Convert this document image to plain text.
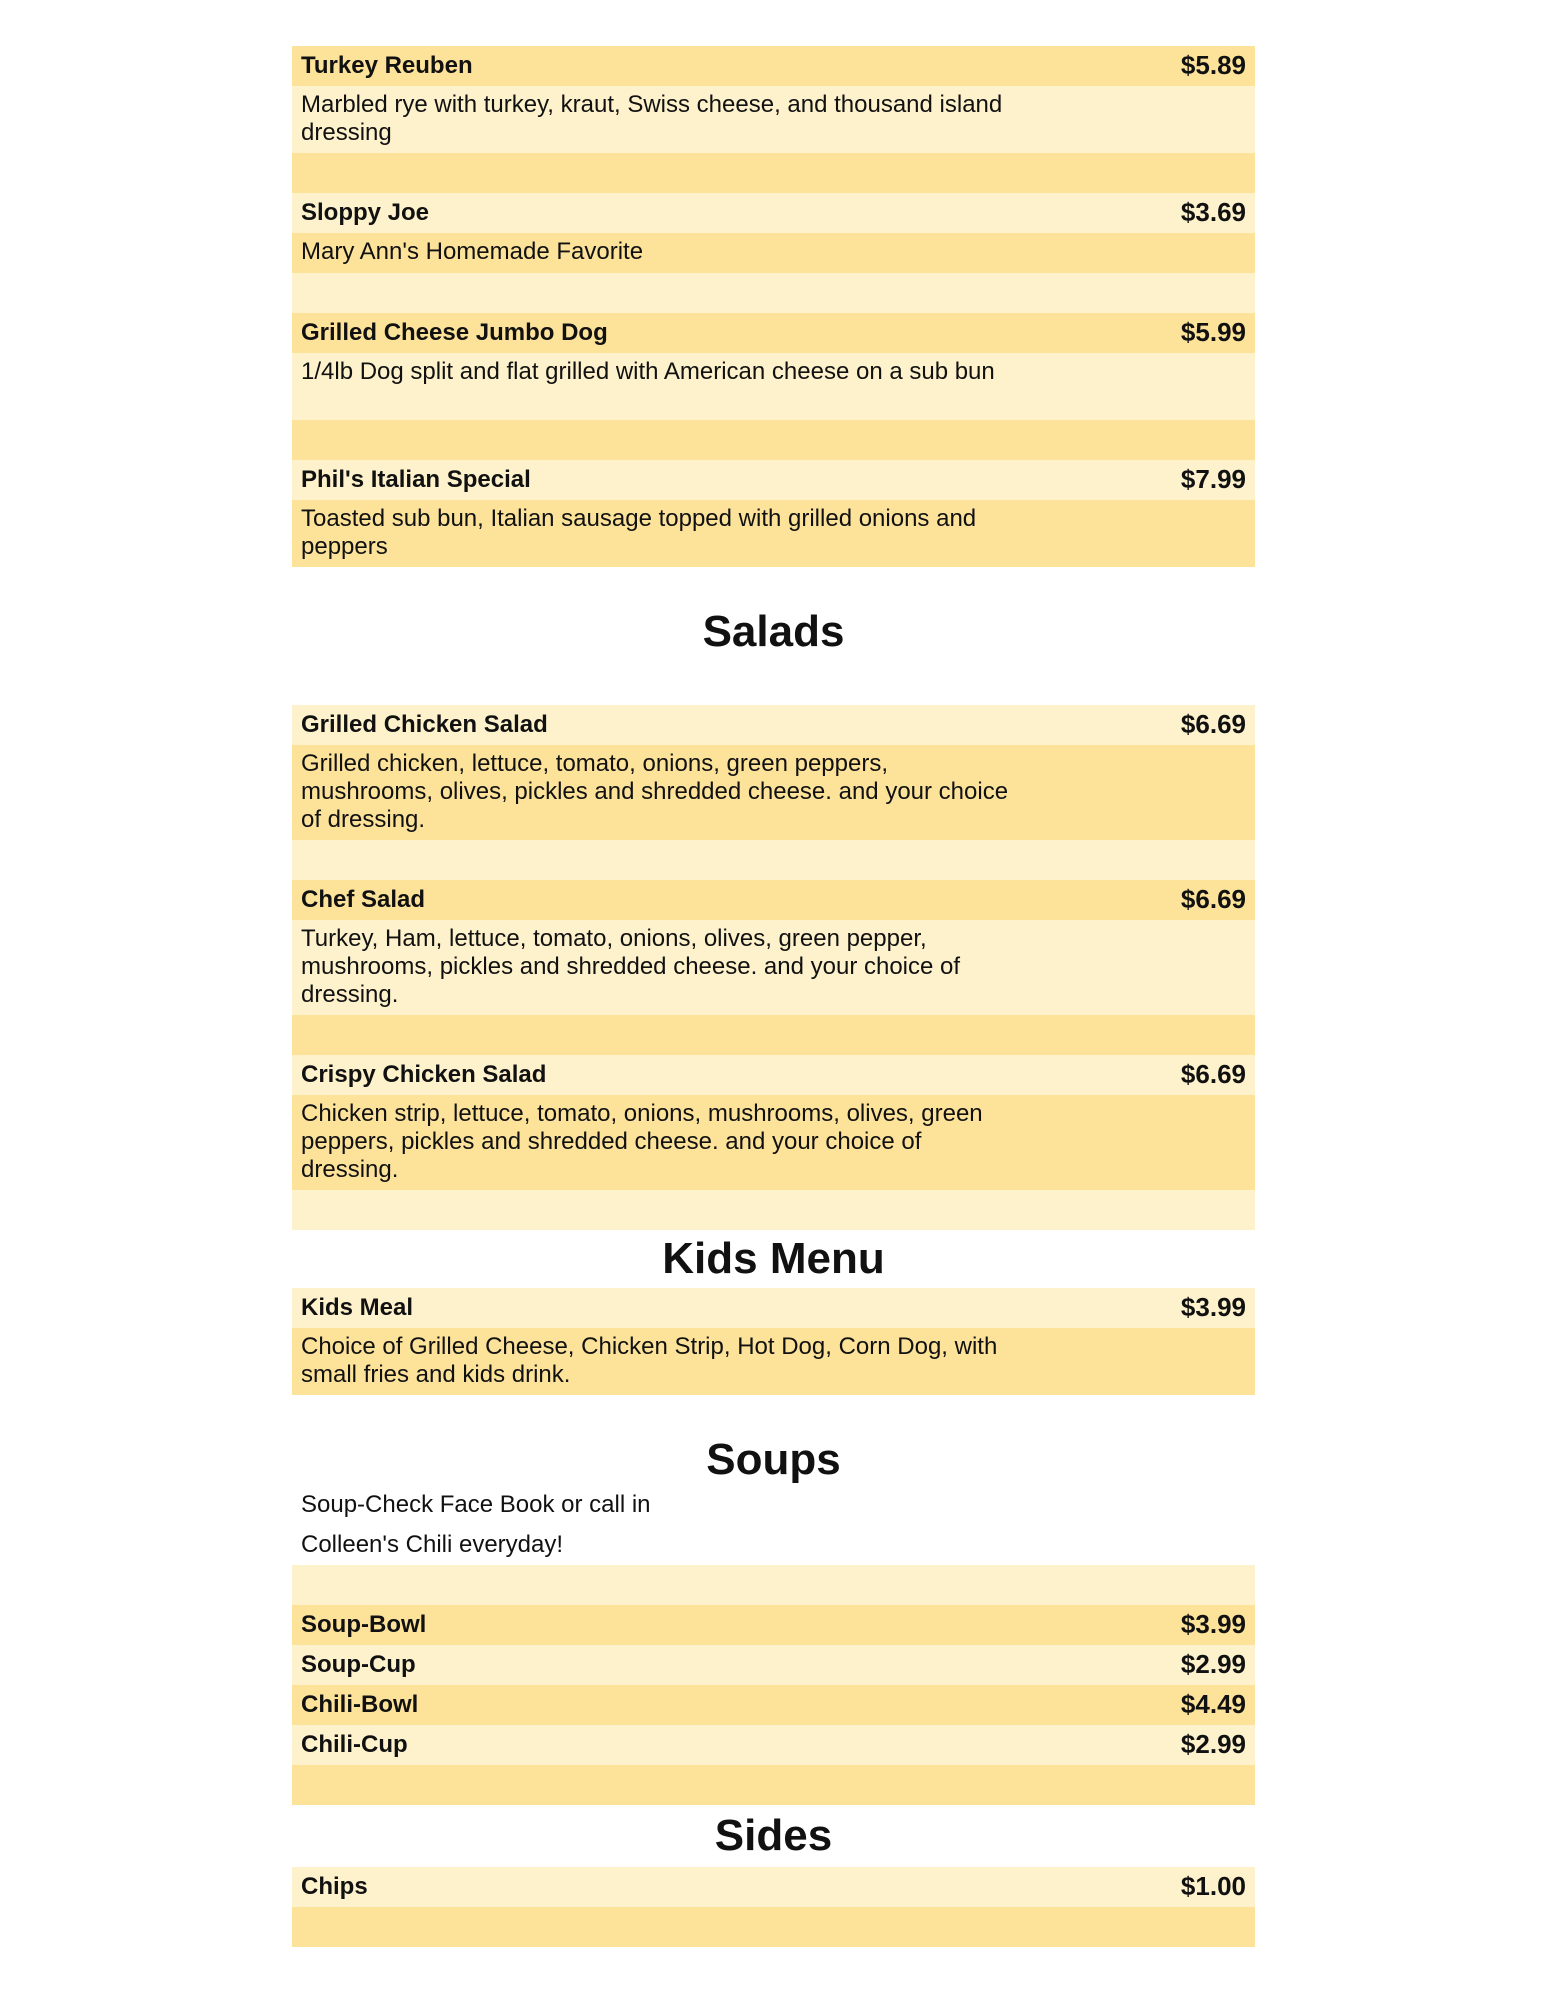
Turkey Reuben	$5.89
Marbled rye with turkey, kraut, Swiss cheese, and thousand island dressing
Sloppy Joe	$3.69
Mary Ann's Homemade Favorite
Grilled Cheese Jumbo Dog	$5.99
1/4lb Dog split and flat grilled with American cheese on a sub bun
Phil's Italian Special	$7.99
Toasted sub bun, Italian sausage topped with grilled onions and peppers
Salads
Grilled Chicken Salad	$6.69
Grilled chicken, lettuce, tomato, onions, green peppers, mushrooms, olives, pickles and shredded cheese. and your choice of dressing.
Chef Salad	$6.69
Turkey, Ham, lettuce, tomato, onions, olives, green pepper, mushrooms, pickles and shredded cheese. and your choice of dressing.
Crispy Chicken Salad	$6.69
Chicken strip, lettuce, tomato, onions, mushrooms, olives, green peppers, pickles and shredded cheese. and your choice of dressing.
Kids Menu
Kids Meal	$3.99
Choice of Grilled Cheese, Chicken Strip, Hot Dog, Corn Dog, with small fries and kids drink.
Soups
Soup-Check Face Book or call in
Colleen's Chili everyday!
Soup-Bowl	$3.99
Soup-Cup	$2.99
Chili-Bowl	$4.49
Chili-Cup	$2.99
Sides
Chips	$1.00
